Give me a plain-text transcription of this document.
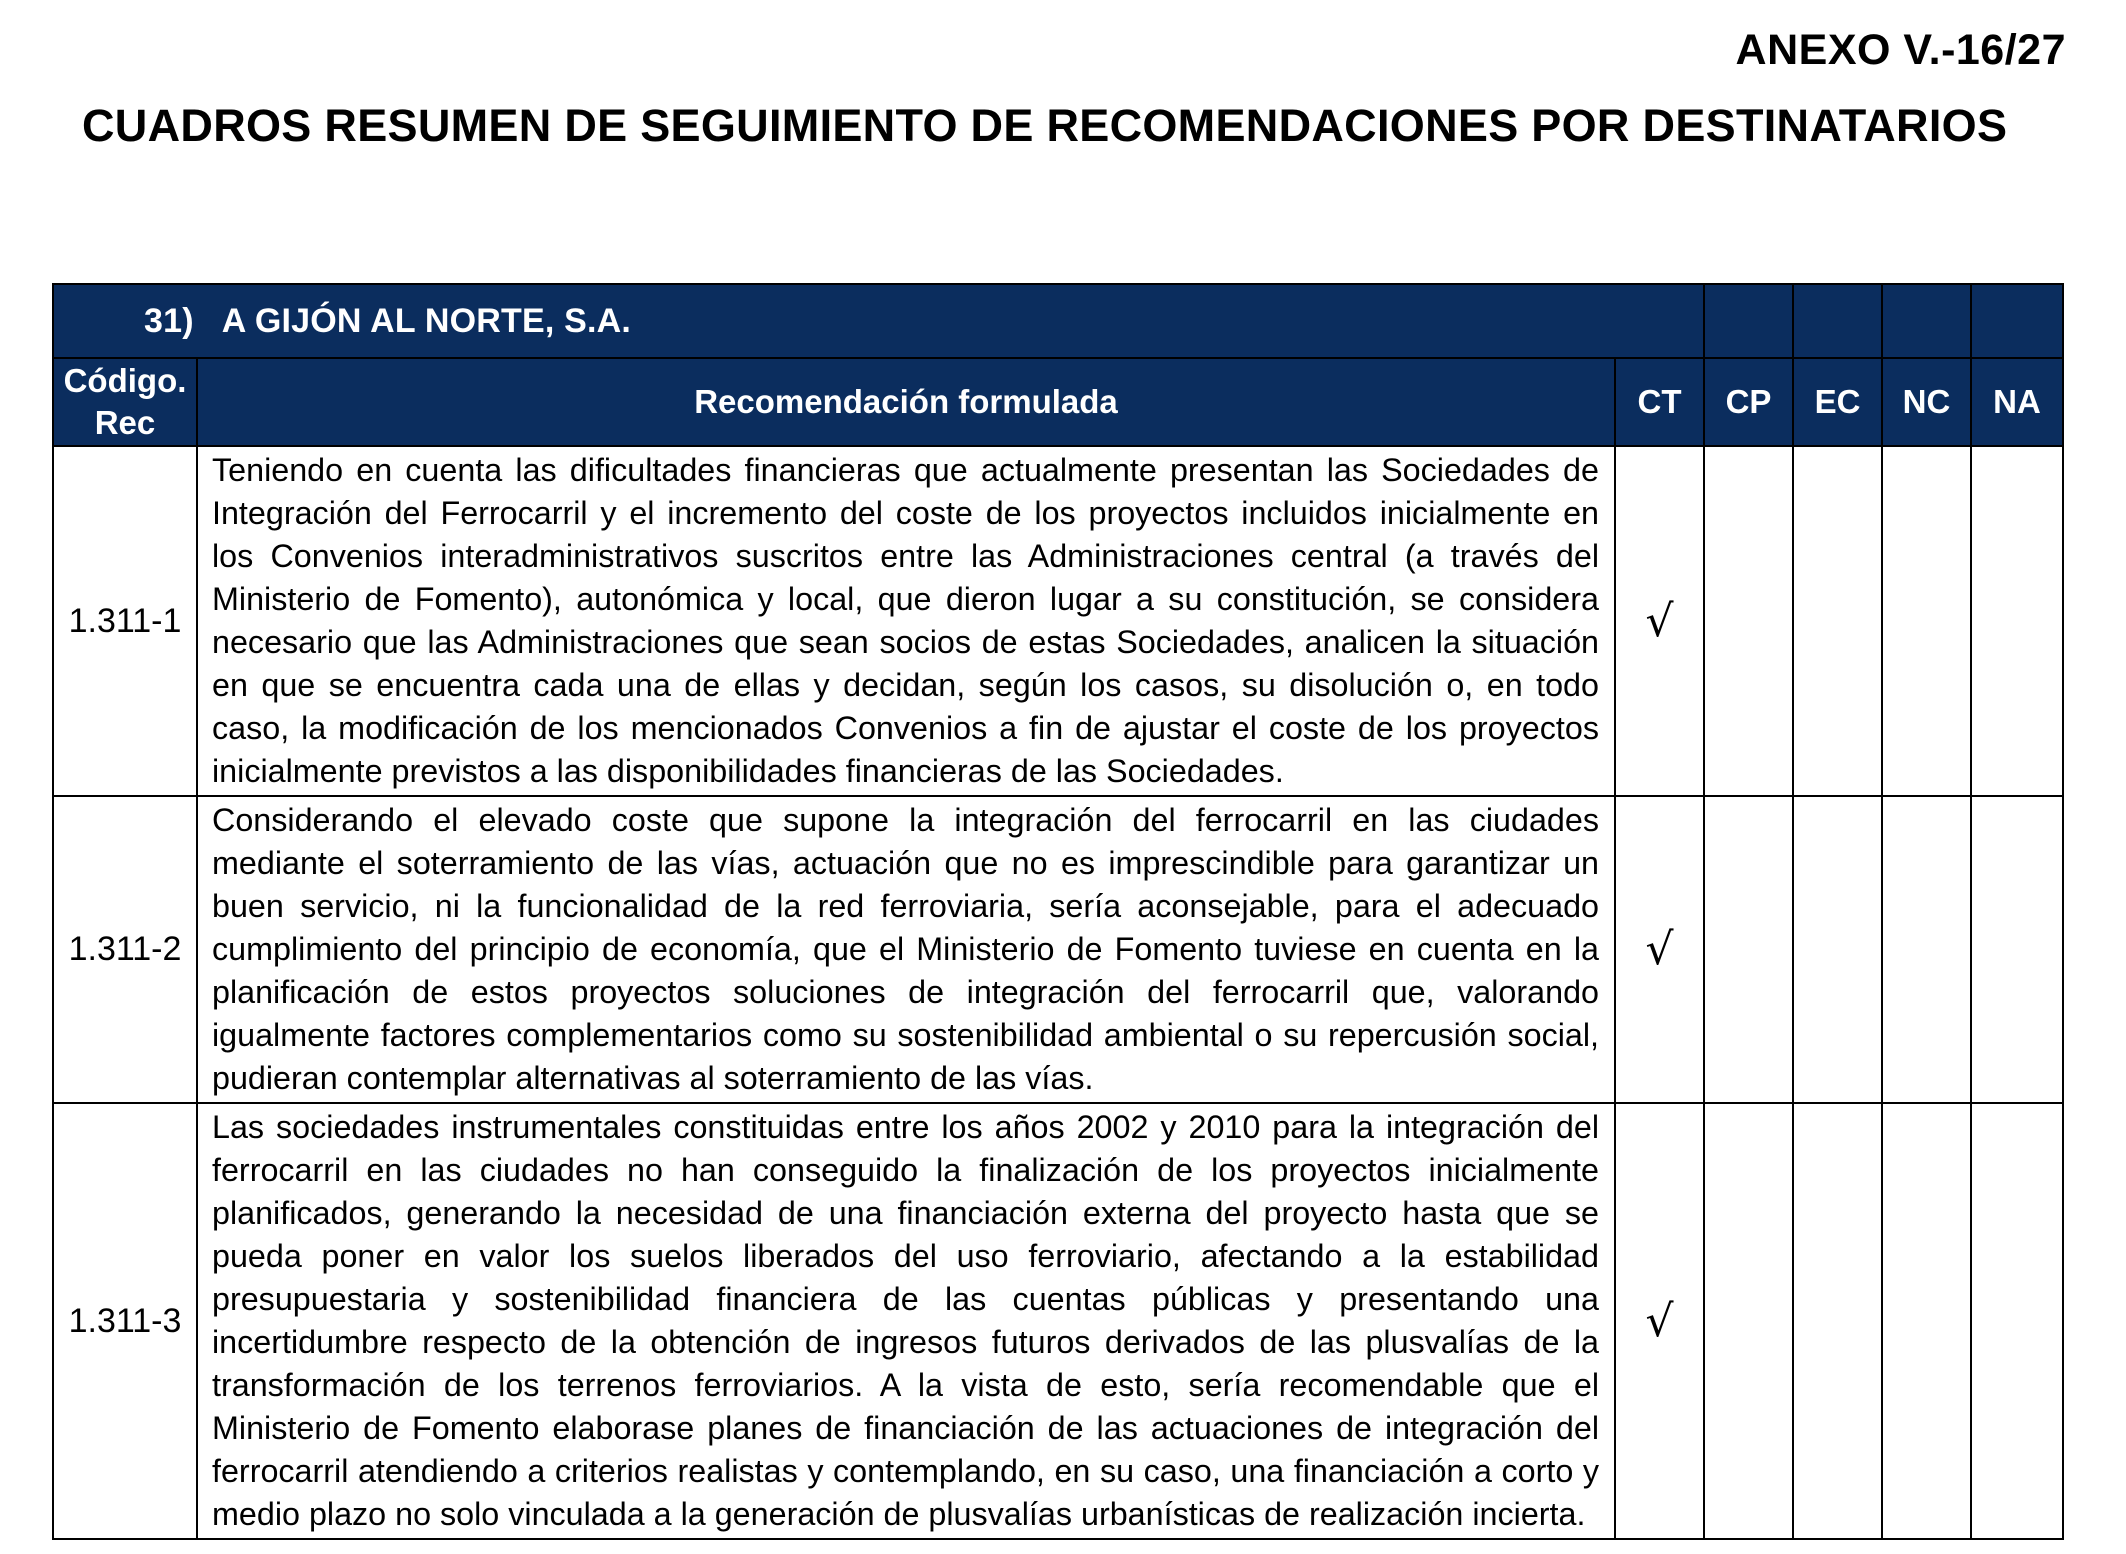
ANEXO V.-16/27
CUADROS RESUMEN DE SEGUIMIENTO DE RECOMENDACIONES POR DESTINATARIOS
31) A GIJÓN AL NORTE, S.A.						

Código.
Rec	Recomendación formulada	CT	CP	EC	NC	NA
1.311-1	Teniendo en cuenta las dificultades financieras que actualmente presentan las Sociedades de Integración del Ferrocarril y el incremento del coste de los proyectos incluidos inicialmente en los Convenios interadministrativos suscritos entre las Administraciones central (a través del Ministerio de Fomento), autonómica y local, que dieron lugar a su constitución, se considera necesario que las Administraciones que sean socios de estas Sociedades, analicen la situación en que se encuentra cada una de ellas y decidan, según los casos, su disolución o, en todo caso, la modificación de los mencionados Convenios a fin de ajustar el coste de los proyectos inicialmente previstos a las disponibilidades financieras de las Sociedades.	√				
1.311-2	Considerando el elevado coste que supone la integración del ferrocarril en las ciudades mediante el soterramiento de las vías, actuación que no es imprescindible para garantizar un buen servicio, ni la funcionalidad de la red ferroviaria, sería aconsejable, para el adecuado cumplimiento del principio de economía, que el Ministerio de Fomento tuviese en cuenta en la planificación de estos proyectos soluciones de integración del ferrocarril que, valorando igualmente factores complementarios como su sostenibilidad ambiental o su repercusión social, pudieran contemplar alternativas al soterramiento de las vías.	√				
1.311-3	Las sociedades instrumentales constituidas entre los años 2002 y 2010 para la integración del ferrocarril en las ciudades no han conseguido la finalización de los proyectos inicialmente planificados, generando la necesidad de una financiación externa del proyecto hasta que se pueda poner en valor los suelos liberados del uso ferroviario, afectando a la estabilidad presupuestaria y sostenibilidad financiera de las cuentas públicas y presentando una incertidumbre respecto de la obtención de ingresos futuros derivados de las plusvalías de la transformación de los terrenos ferroviarios. A la vista de esto, sería recomendable que el Ministerio de Fomento elaborase planes de financiación de las actuaciones de integración del ferrocarril atendiendo a criterios realistas y contemplando, en su caso, una financiación a corto y medio plazo no solo vinculada a la generación de plusvalías urbanísticas de realización incierta.	√				
